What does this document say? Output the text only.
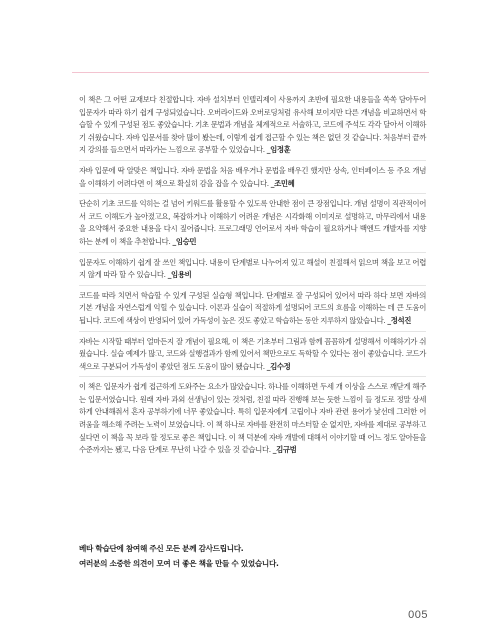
이 책은 그 어떤 교재보다 친절합니다. 자바 설치부터 인텔리제이 사용까지 초반에 필요한 내용들을 쏙쏙 담아두어 입문자가 따라 하기 쉽게 구성되었습니다. 오버라이드와 오버로딩처럼 유사해 보이지만 다른 개념을 비교하면서 학습할 수 있게 구성된 점도 좋았습니다. 기초 문법과 개념을 체계적으로 서술하고, 코드에 주석도 각각 달아서 이해하기 쉬웠습니다. 자바 입문서를 찾아 많이 봤는데, 이렇게 쉽게 접근할 수 있는 책은 없던 것 같습니다. 처음부터 끝까지 강의를 들으면서 따라가는 느낌으로 공부할 수 있었습니다. _임정훈

자바 입문에 딱 알맞은 책입니다. 자바 문법을 처음 배우거나 문법을 배우긴 했지만 상속, 인터페이스 등 주요 개념을 이해하기 어려다면 이 책으로 확실히 감을 잡을 수 있습니다. _조민혜

단순히 기초 코드를 익히는 걸 넘어 키워드를 활용할 수 있도록 안내한 점이 큰 장점입니다. 개념 설명이 직관적이어서 코드 이해도가 높아졌고요, 복잡하거나 이해하기 어려운 개념은 시각화해 이미지로 설명하고, 마무리에서 내용을 요약해서 중요한 내용을 다시 짚어줍니다. 프로그래밍 언어로서 자바 학습이 필요하거나 백엔드 개발자를 지향하는 분께 이 책을 추천합니다. _임승민

입문자도 이해하기 쉽게 잘 쓰인 책입니다. 내용이 단계별로 나누어져 있고 해설이 친절해서 읽으며 책을 보고 어렵지 않게 따라 할 수 있습니다. _임용비

코드를 따라 치면서 학습할 수 있게 구성된 실습형 책입니다. 단계별로 잘 구성되어 있어서 따라 하다 보면 자바의 기본 개념을 자연스럽게 익힐 수 있습니다. 이론과 실습이 적절하게 설명되어 코드의 흐름을 이해하는 데 큰 도움이 됩니다. 코드에 색상이 반영되어 있어 가독성이 높은 것도 좋았고 학습하는 동안 지루하지 않았습니다. _정석진

자바는 시작할 때부터 얼마든지 잘 개념이 필요해, 이 책은 기초부터 그림과 함께 꼼꼼하게 설명해서 이해하기가 쉬웠습니다. 실습 예제가 많고, 코드와 실행결과가 함께 있어서 책만으로도 독학할 수 있다는 점이 좋았습니다. 코드가 색으로 구분되어 가독성이 좋았던 점도 도움이 많이 됐습니다. _김수정

이 책은 입문자가 쉽게 접근하게 도와주는 요소가 많았습니다. 하나를 이해하면 두세 개 이상을 스스로 깨닫게 해주는 입문서였습니다. 원래 자바 과외 선생님이 있는 것처럼, 친절 따라 진행해 보는 듯한 느낌이 들 정도로 정말 상세하게 안내해줘서 혼자 공부하기에 너무 좋았습니다. 특히 입문자에게 고립이나 자바 관련 용어가 낯선데 그러한 어려움을 해소해 주려는 노력이 보였습니다. 이 책 하나로 자바를 완전히 마스터할 순 없지만, 자바를 제대로 공부하고 싶다면 이 책을 꼭 보라 할 정도로 좋은 책입니다. 이 책 덕분에 자바 개발에 대해서 이야기할 때 어느 정도 알아듣을 수준까지는 됐고, 다음 단계로 무난히 나갈 수 있을 것 같습니다. _김규범

베타 학습단에 참여해 주신 모든 분께 감사드립니다.

여러분의 소중한 의견이 모여 더 좋은 책을 만들 수 있었습니다.

005
